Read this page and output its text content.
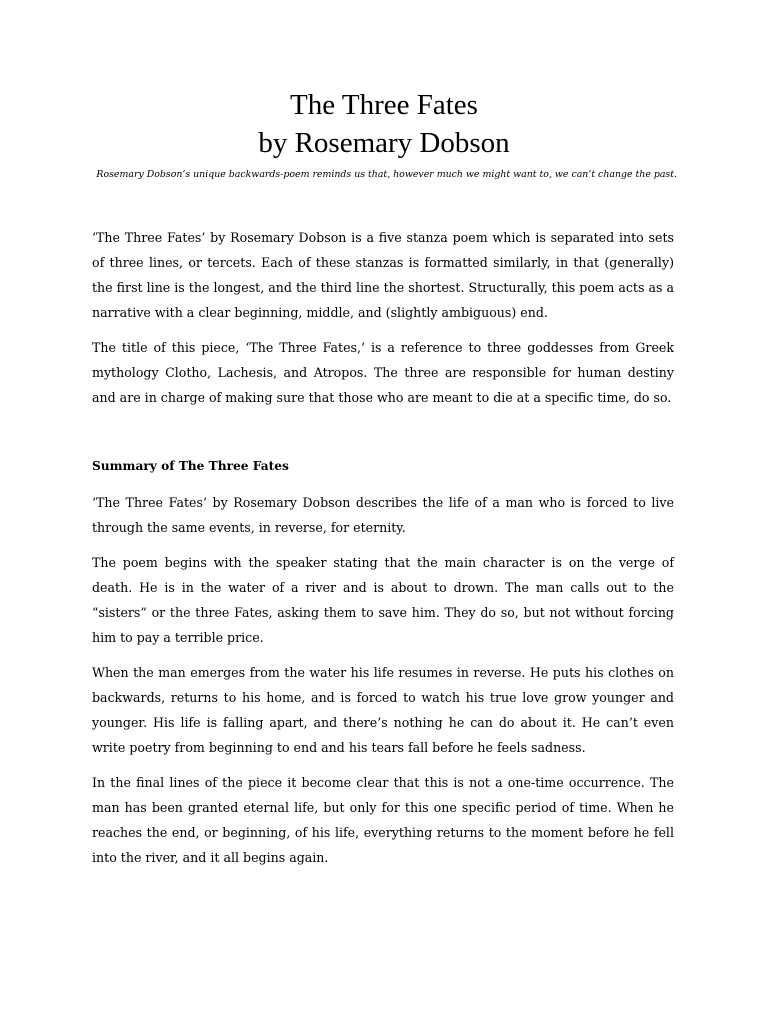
The Three Fates
by Rosemary Dobson
Rosemary Dobson’s unique backwards-poem reminds us that, however much we might want to, we can’t change the past.

‘The Three Fates’ by Rosemary Dobson is a five stanza poem which is separated into sets of three lines, or tercets. Each of these stanzas is formatted similarly, in that (generally) the first line is the longest, and the third line the shortest. Structurally, this poem acts as a narrative with a clear beginning, middle, and (slightly ambiguous) end.

The title of this piece, ‘The Three Fates,’ is a reference to three goddesses from Greek mythology Clotho, Lachesis, and Atropos. The three are responsible for human destiny and are in charge of making sure that those who are meant to die at a specific time, do so.

Summary of The Three Fates

‘The Three Fates’ by Rosemary Dobson describes the life of a man who is forced to live through the same events, in reverse, for eternity.

The poem begins with the speaker stating that the main character is on the verge of death. He is in the water of a river and is about to drown. The man calls out to the “sisters” or the three Fates, asking them to save him. They do so, but not without forcing him to pay a terrible price.

When the man emerges from the water his life resumes in reverse. He puts his clothes on backwards, returns to his home, and is forced to watch his true love grow younger and younger. His life is falling apart, and there’s nothing he can do about it. He can’t even write poetry from beginning to end and his tears fall before he feels sadness.

In the final lines of the piece it become clear that this is not a one-time occurrence. The man has been granted eternal life, but only for this one specific period of time. When he reaches the end, or beginning, of his life, everything returns to the moment before he fell into the river, and it all begins again.
